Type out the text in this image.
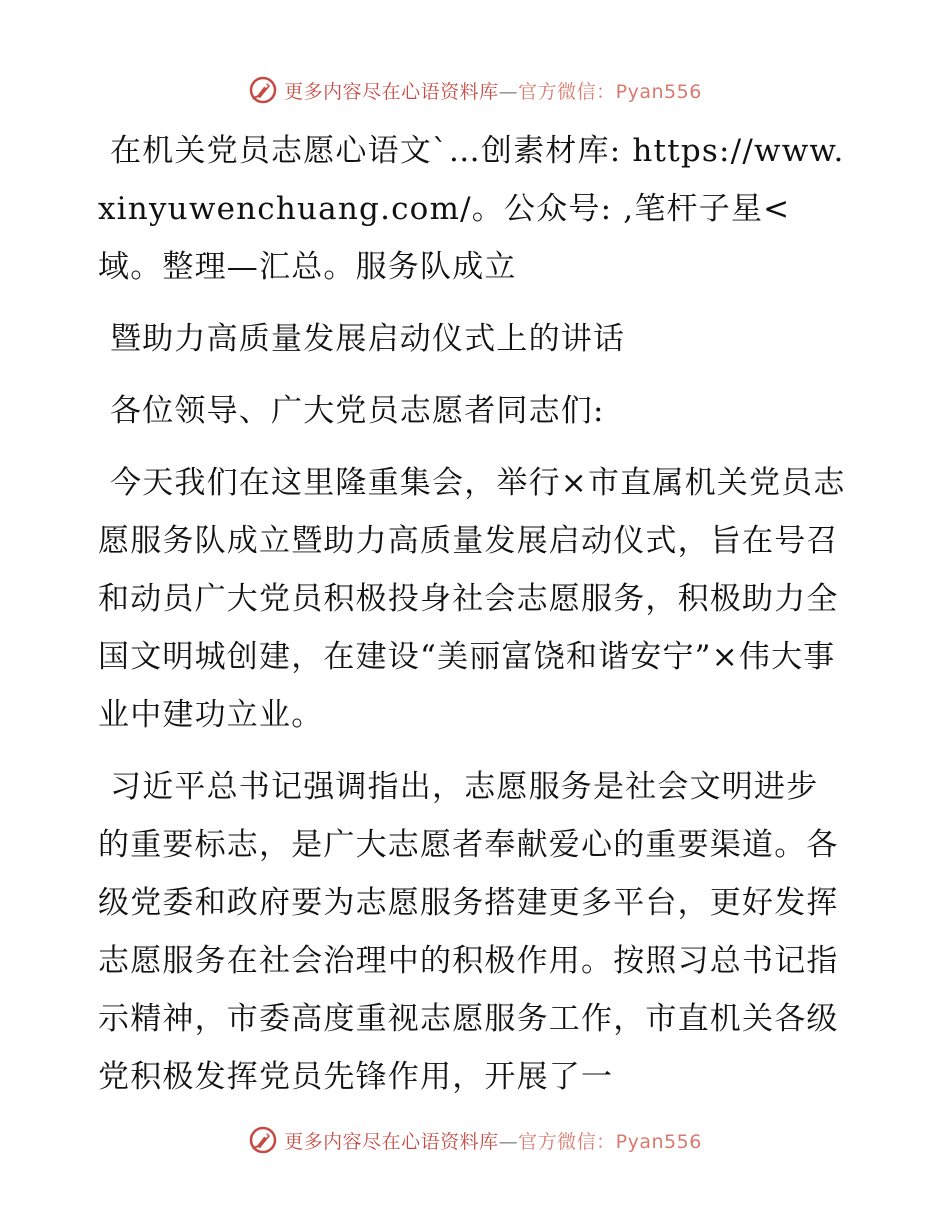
更多内容尽在心语资料库—官方微信：Pyan556

在机关党员志愿心语文`…创素材库: https://www.xinyuwenchuang.com/。公众号: ,笔杆子星<域。整理—汇总。服务队成立

暨助力高质量发展启动仪式上的讲话

各位领导、广大党员志愿者同志们:

今天我们在这里隆重集会，举行×市直属机关党员志愿服务队成立暨助力高质量发展启动仪式，旨在号召和动员广大党员积极投身社会志愿服务，积极助力全国文明城创建，在建设“美丽富饶和谐安宁”×伟大事业中建功立业。

习近平总书记强调指出，志愿服务是社会文明进步的重要标志，是广大志愿者奉献爱心的重要渠道。各级党委和政府要为志愿服务搭建更多平台，更好发挥志愿服务在社会治理中的积极作用。按照习总书记指示精神，市委高度重视志愿服务工作，市直机关各级党积极发挥党员先锋作用，开展了一

更多内容尽在心语资料库—官方微信：Pyan556
